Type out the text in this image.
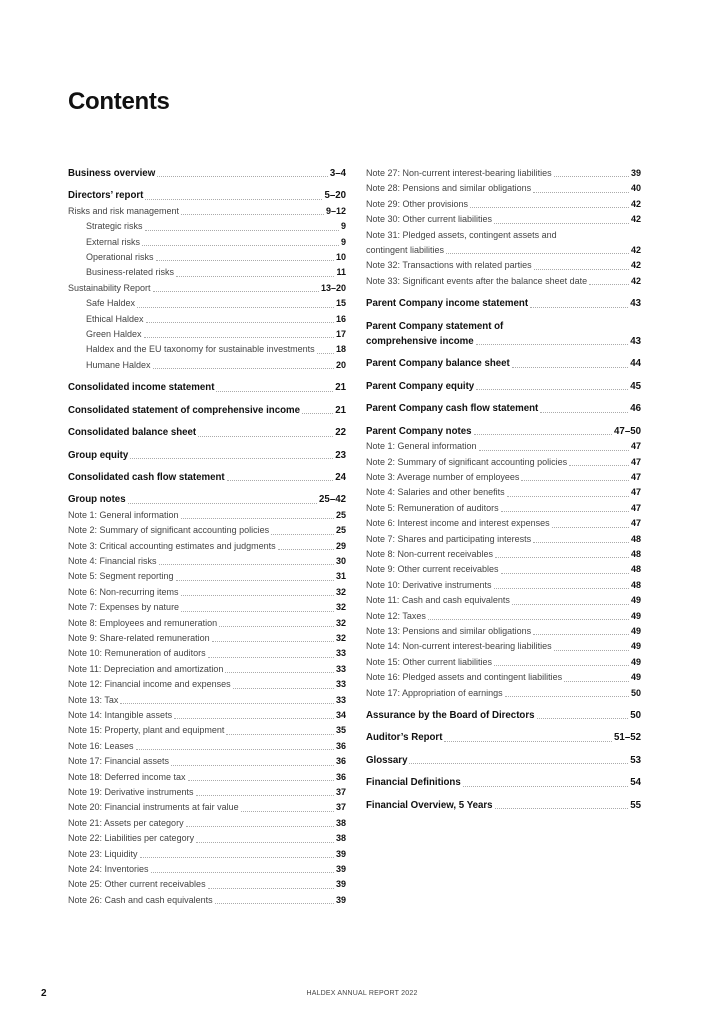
Contents
Business overview	3–4
Directors’ report	5–20
Risks and risk management	9–12
Strategic risks	9
External risks	9
Operational risks	10
Business-related risks	11
Sustainability Report	13–20
Safe Haldex	15
Ethical Haldex	16
Green Haldex	17
Haldex and the EU taxonomy for sustainable investments 18
Humane Haldex	20
Consolidated income statement	21
Consolidated statement of comprehensive income	21
Consolidated balance sheet	22
Group equity	23
Consolidated cash flow statement	24
Group notes	25–42
Note 1: General information	25
Note 2: Summary of significant accounting policies	25
Note 3: Critical accounting estimates and judgments	29
Note 4: Financial risks	30
Note 5: Segment reporting	31
Note 6: Non-recurring items	32
Note 7: Expenses by nature	32
Note 8: Employees and remuneration	32
Note 9: Share-related remuneration	32
Note 10: Remuneration of auditors	33
Note 11: Depreciation and amortization	33
Note 12: Financial income and expenses	33
Note 13: Tax	33
Note 14: Intangible assets	34
Note 15: Property, plant and equipment	35
Note 16: Leases	36
Note 17: Financial assets	36
Note 18: Deferred income tax	36
Note 19: Derivative instruments	37
Note 20: Financial instruments at fair value	37
Note 21: Assets per category	38
Note 22: Liabilities per category	38
Note 23: Liquidity	39
Note 24: Inventories	39
Note 25: Other current receivables	39
Note 26: Cash and cash equivalents	39
Note 27: Non-current interest-bearing liabilities	39
Note 28: Pensions and similar obligations	40
Note 29: Other provisions	42
Note 30: Other current liabilities	42
Note 31: Pledged assets, contingent assets and
contingent liabilities	42
Note 32: Transactions with related parties	42
Note 33: Significant events after the balance sheet date	42
Parent Company income statement	43
Parent Company statement of
comprehensive income	43
Parent Company balance sheet	44
Parent Company equity	45
Parent Company cash flow statement	46
Parent Company notes	47–50
Note 1: General information	47
Note 2: Summary of significant accounting policies	47
Note 3: Average number of employees	47
Note 4: Salaries and other benefits	47
Note 5: Remuneration of auditors	47
Note 6: Interest income and interest expenses	47
Note 7: Shares and participating interests	48
Note 8: Non-current receivables	48
Note 9: Other current receivables	48
Note 10: Derivative instruments	48
Note 11: Cash and cash equivalents	49
Note 12: Taxes	49
Note 13: Pensions and similar obligations	49
Note 14: Non-current interest-bearing liabilities	49
Note 15: Other current liabilities	49
Note 16: Pledged assets and contingent liabilities	49
Note 17: Appropriation of earnings	50
Assurance by the Board of Directors	50
Auditor’s Report	51–52
Glossary	53
Financial Definitions	54
Financial Overview, 5 Years	55
2	HALDEX ANNUAL REPORT 2022
